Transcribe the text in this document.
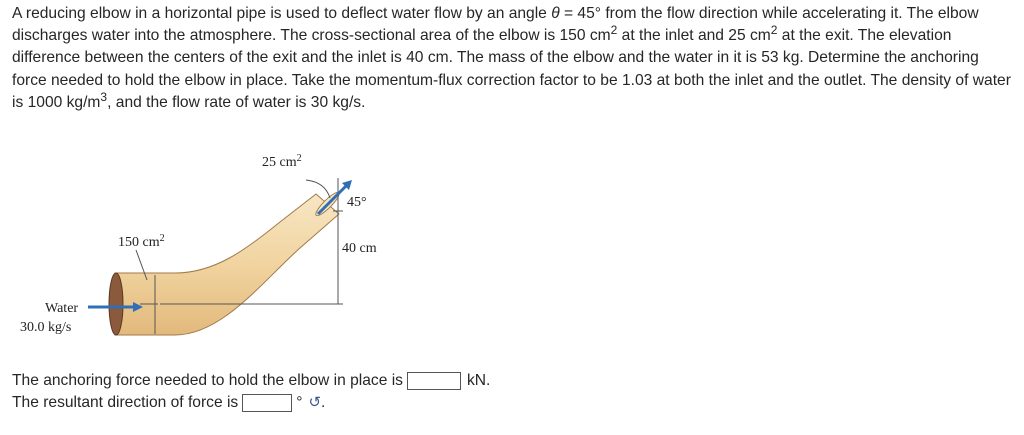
A reducing elbow in a horizontal pipe is used to deflect water flow by an angle θ = 45° from the flow direction while accelerating it. The elbow discharges water into the atmosphere. The cross-sectional area of the elbow is 150 $cm^2$ at the inlet and 25 $cm^2$ at the exit. The elevation difference between the centers of the exit and the inlet is 40 cm. The mass of the elbow and the water in it is 53 kg. Determine the anchoring force needed to hold the elbow in place. Take the momentum-flux correction factor to be 1.03 at both the inlet and the outlet. The density of water is 1000 $kg/m^3$, and the flow rate of water is 30 kg/s.
25 $cm^2$
150 $cm^2$
45°
40 cm
Water
30.0 kg/s
The anchoring force needed to hold the elbow in place is	kN.
The resultant direction of force is	° ↺ .
